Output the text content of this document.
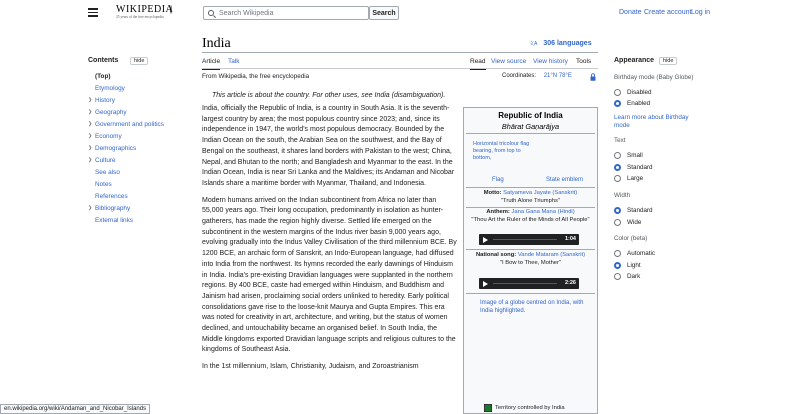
WIKIPEDIA
25 years of the free encyclopedia
Search Wikipedia	Search	Donate Create account Log in
India
文A	306 languages
Article Talk	Read View source View history Tools
Contents	hide
(Top)
Etymology
❯ History
❯ Geography
❯ Government and politics
❯ Economy
❯ Demographics
❯ Culture
See also
Notes
References
❯ Bibliography
External links
From Wikipedia, the free encyclopedia	Coordinates: 21°N 78°E
This article is about the country. For other uses, see India (disambiguation).

India, officially the Republic of India, is a country in South Asia. It is the seventh-largest country by area; the most populous country since 2023; and, since its independence in 1947, the world's most populous democracy. Bounded by the Indian Ocean on the south, the Arabian Sea on the southwest, and the Bay of Bengal on the southeast, it shares land borders with Pakistan to the west; China, Nepal, and Bhutan to the north; and Bangladesh and Myanmar to the east. In the Indian Ocean, India is near Sri Lanka and the Maldives; its Andaman and Nicobar Islands share a maritime border with Myanmar, Thailand, and Indonesia.

Modern humans arrived on the Indian subcontinent from Africa no later than 55,000 years ago. Their long occupation, predominantly in isolation as hunter-gatherers, has made the region highly diverse. Settled life emerged on the subcontinent in the western margins of the Indus river basin 9,000 years ago, evolving gradually into the Indus Valley Civilisation of the third millennium BCE. By 1200 BCE, an archaic form of Sanskrit, an Indo-European language, had diffused into India from the northwest. Its hymns recorded the early dawnings of Hinduism in India. India's pre-existing Dravidian languages were supplanted in the northern regions. By 400 BCE, caste had emerged within Hinduism, and Buddhism and Jainism had arisen, proclaiming social orders unlinked to heredity. Early political consolidations gave rise to the loose-knit Maurya and Gupta Empires. This era was noted for creativity in art, architecture, and writing, but the status of women declined, and untouchability became an organised belief. In South India, the Middle kingdoms exported Dravidian language scripts and religious cultures to the kingdoms of Southeast Asia.

In the 1st millennium, Islam, Christianity, Judaism, and Zoroastrianism

Republic of India
Bhārat Gaṇarājya
Horizontal tricolour flag bearing, from top to bottom,
Flag	State emblem
Motto: Satyameva Jayate (Sanskrit)
"Truth Alone Triumphs"
Anthem: Jana Gana Mana (Hindi)
"Thou Art the Ruler of the Minds of All People"
1:04
National song: Vande Mataram (Sanskrit)
"I Bow to Thee, Mother"
2:26
Image of a globe centred on India, with India highlighted.
Territory controlled by India
Appearance	hide
Birthday mode (Baby Globe)
Disabled
Enabled
Learn more about Birthday mode
Text
Small
Standard
Large
Width
Standard
Wide
Color (beta)
Automatic
Light
Dark
en.wikipedia.org/wiki/Andaman_and_Nicobar_Islands
